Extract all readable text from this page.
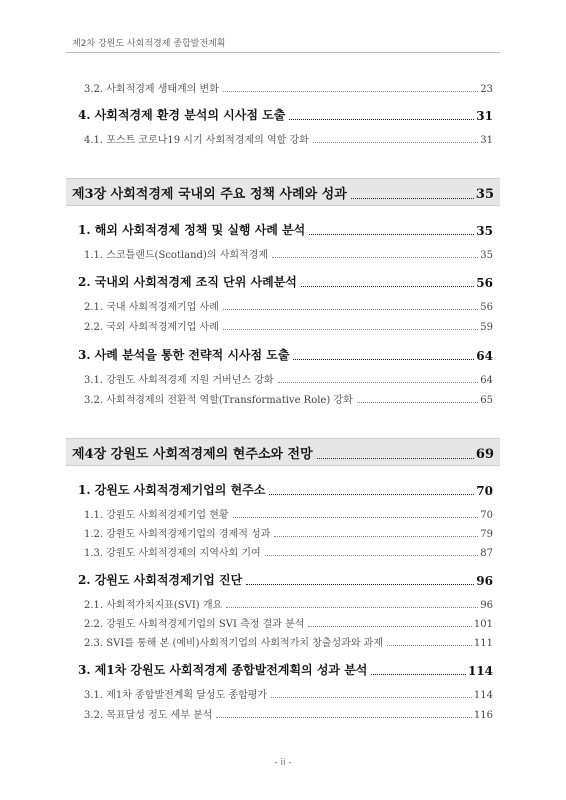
제2차 강원도 사회적경제 종합발전계획
3.2. 사회적경제 생태계의 변화	23
4. 사회적경제 환경 분석의 시사점 도출	31
4.1. 포스트 코로나19 시기 사회적경제의 역할 강화	31
제3장 사회적경제 국내외 주요 정책 사례와 성과	35
1. 해외 사회적경제 정책 및 실행 사례 분석	35
1.1. 스코틀랜드(Scotland)의 사회적경제	35
2. 국내외 사회적경제 조직 단위 사례분석	56
2.1. 국내 사회적경제기업 사례	56
2.2. 국외 사회적경제기업 사례	59
3. 사례 분석을 통한 전략적 시사점 도출	64
3.1. 강원도 사회적경제 지원 거버넌스 강화	64
3.2. 사회적경제의 전환적 역할(Transformative Role) 강화	65
제4장 강원도 사회적경제의 현주소와 전망	69
1. 강원도 사회적경제기업의 현주소	70
1.1. 강원도 사회적경제기업 현황	70
1.2. 강원도 사회적경제기업의 경제적 성과	79
1.3. 강원도 사회적경제의 지역사회 기여	87
2. 강원도 사회적경제기업 진단	96
2.1. 사회적가치지표(SVI) 개요	96
2.2. 강원도 사회적경제기업의 SVI 측정 결과 분석	101
2.3. SVI를 통해 본 (예비)사회적기업의 사회적가치 창출성과와 과제	111
3. 제1차 강원도 사회적경제 종합발전계획의 성과 분석	114
3.1. 제1차 종합발전계획 달성도 종합평가	114
3.2. 목표달성 정도 세부 분석	116
- ii -
